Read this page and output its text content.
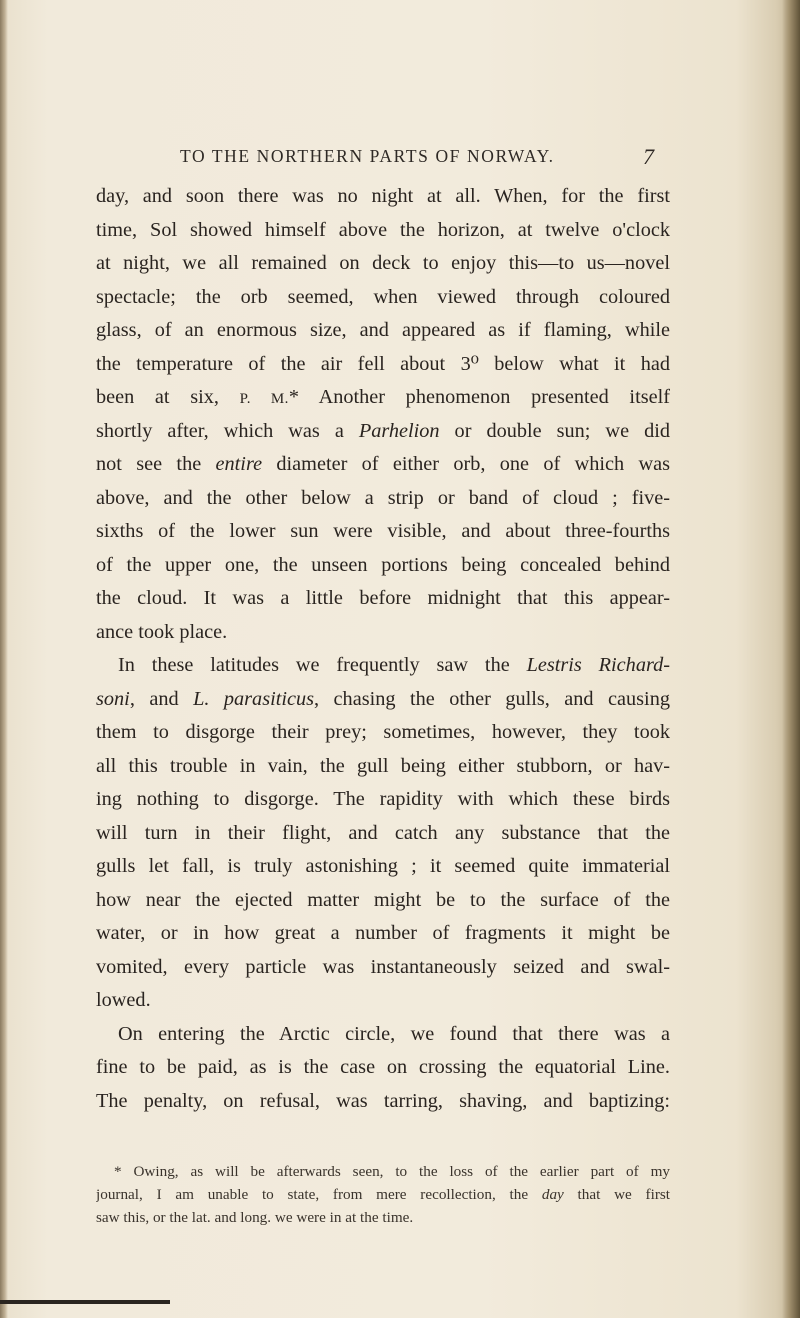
TO THE NORTHERN PARTS OF NORWAY.	7
day, and soon there was no night at all. When, for the first
time, Sol showed himself above the horizon, at twelve o'clock
at night, we all remained on deck to enjoy this—to us—novel
spectacle; the orb seemed, when viewed through coloured
glass, of an enormous size, and appeared as if flaming, while
the temperature of the air fell about 3⁰ below what it had
been at six, P. M.* Another phenomenon presented itself
shortly after, which was a Parhelion or double sun; we did
not see the entire diameter of either orb, one of which was
above, and the other below a strip or band of cloud ; five-
sixths of the lower sun were visible, and about three-fourths
of the upper one, the unseen portions being concealed behind
the cloud. It was a little before midnight that this appear-
ance took place.
In these latitudes we frequently saw the Lestris Richard-
soni, and L. parasiticus, chasing the other gulls, and causing
them to disgorge their prey; sometimes, however, they took
all this trouble in vain, the gull being either stubborn, or hav-
ing nothing to disgorge. The rapidity with which these birds
will turn in their flight, and catch any substance that the
gulls let fall, is truly astonishing ; it seemed quite immaterial
how near the ejected matter might be to the surface of the
water, or in how great a number of fragments it might be
vomited, every particle was instantaneously seized and swal-
lowed.
On entering the Arctic circle, we found that there was a
fine to be paid, as is the case on crossing the equatorial Line.
The penalty, on refusal, was tarring, shaving, and baptizing:
* Owing, as will be afterwards seen, to the loss of the earlier part of my
journal, I am unable to state, from mere recollection, the day that we first
saw this, or the lat. and long. we were in at the time.
